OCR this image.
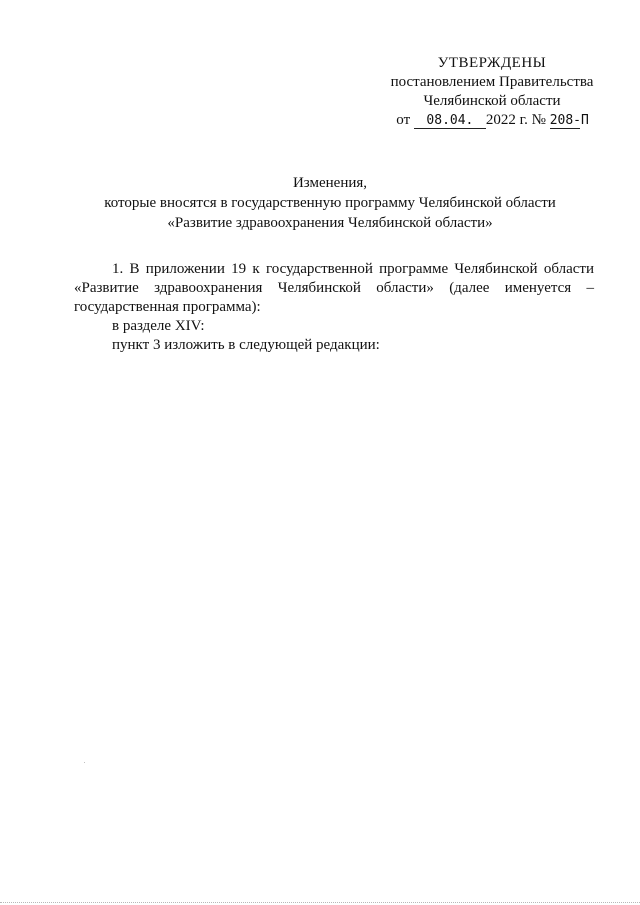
УТВЕРЖДЕНЫ
постановлением Правительства
Челябинской области
от 08.04. 2022 г. № 208-П
Изменения,
которые вносятся в государственную программу Челябинской области
«Развитие здравоохранения Челябинской области»

1. В приложении 19 к государственной программе Челябинской области «Развитие здравоохранения Челябинской области» (далее именуется – государственная программа):

в разделе XIV:

пункт 3 изложить в следующей редакции:
